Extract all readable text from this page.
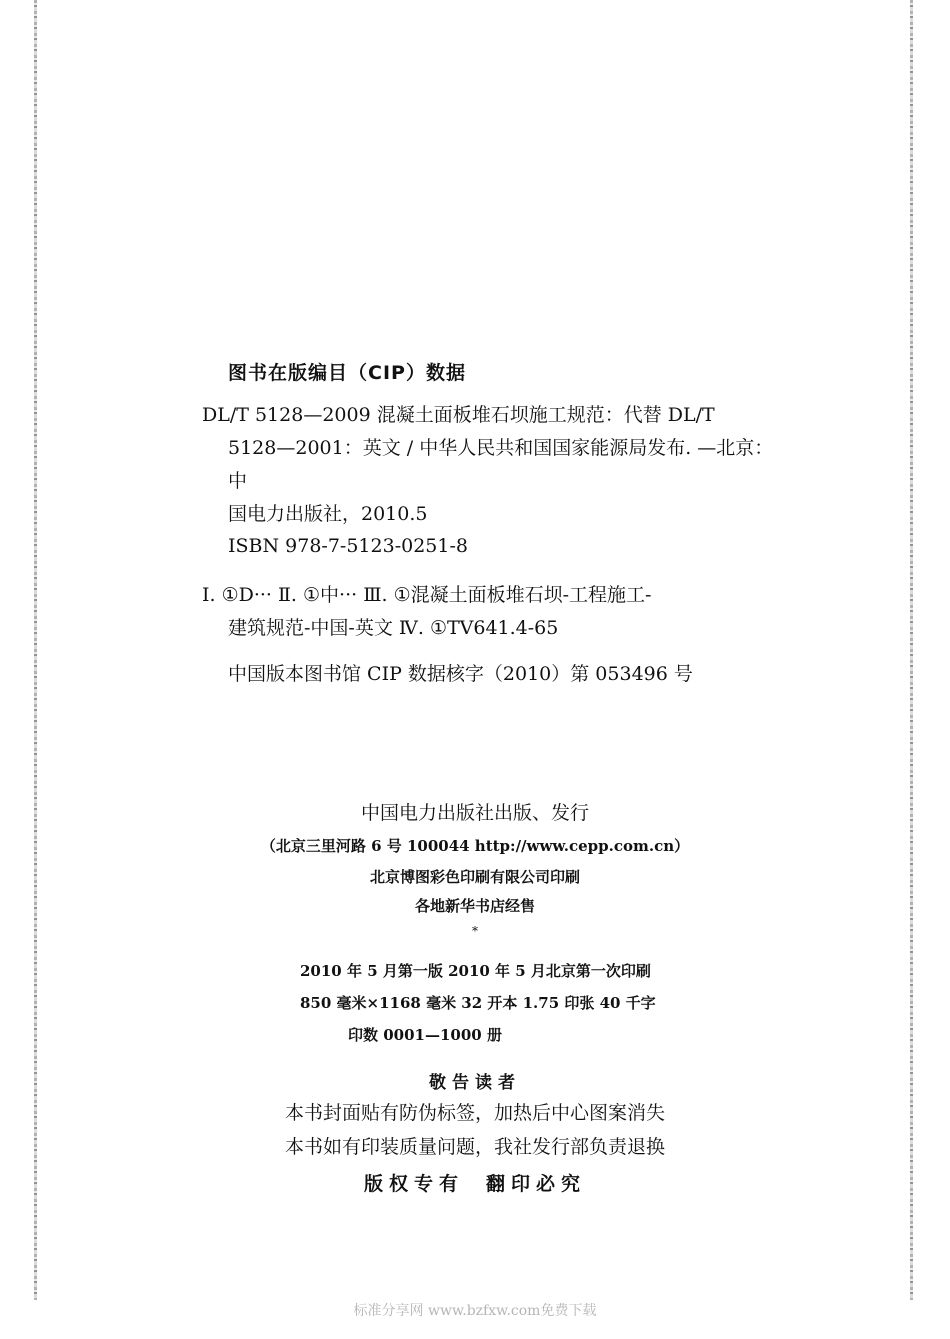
图书在版编目（CIP）数据

DL/T 5128—2009 混凝土面板堆石坝施工规范：代替 DL/T
5128—2001：英文 / 中华人民共和国国家能源局发布. —北京：中
国电力出版社，2010.5

ISBN 978-7-5123-0251-8

Ⅰ. ①D··· Ⅱ. ①中··· Ⅲ. ①混凝土面板堆石坝-工程施工-
建筑规范-中国-英文 Ⅳ. ①TV641.4-65

中国版本图书馆 CIP 数据核字（2010）第 053496 号

中国电力出版社出版、发行

（北京三里河路 6 号 100044 http://www.cepp.com.cn）

北京博图彩色印刷有限公司印刷

各地新华书店经售

*

2010 年 5 月第一版 2010 年 5 月北京第一次印刷

850 毫米×1168 毫米 32 开本 1.75 印张 40 千字

印数 0001—1000 册

敬告读者

本书封面贴有防伪标签，加热后中心图案消失

本书如有印装质量问题，我社发行部负责退换

版权专有 翻印必究

标准分享网 www.bzfxw.com免费下载
